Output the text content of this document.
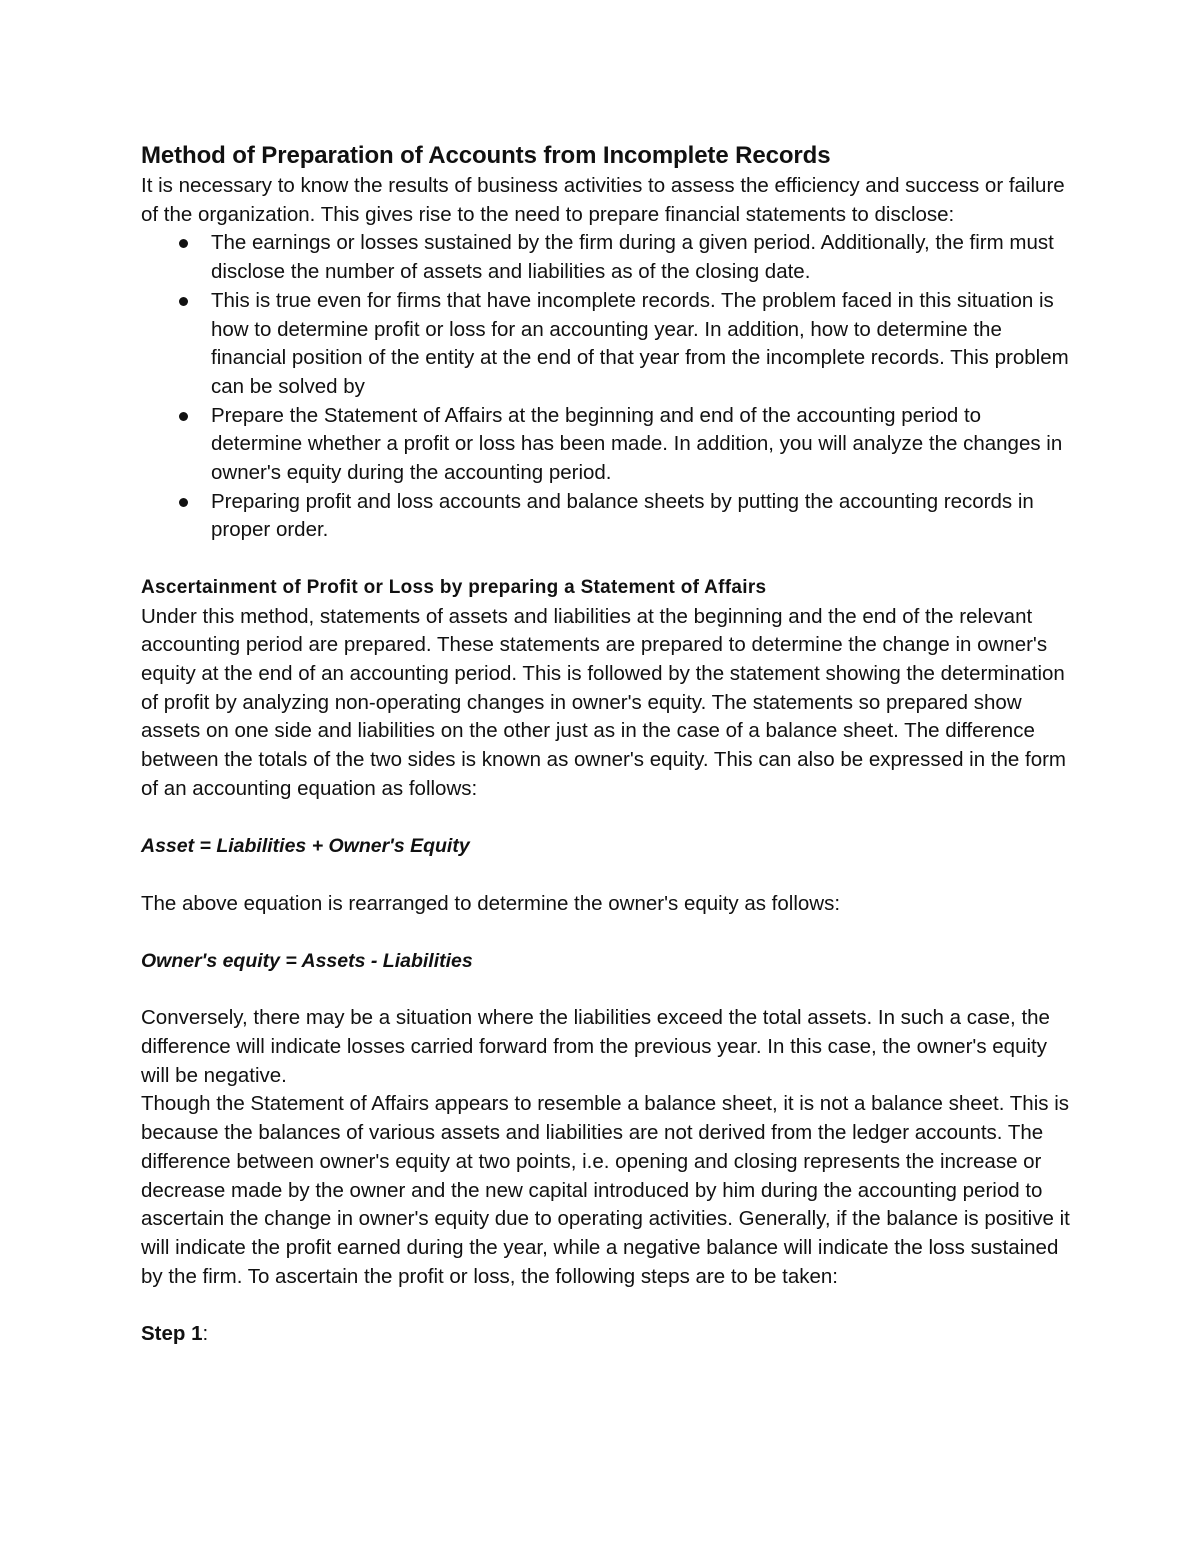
Method of Preparation of Accounts from Incomplete Records

It is necessary to know the results of business activities to assess the efficiency and success or failure of the organization. This gives rise to the need to prepare financial statements to disclose:

The earnings or losses sustained by the firm during a given period. Additionally, the firm must disclose the number of assets and liabilities as of the closing date.
This is true even for firms that have incomplete records. The problem faced in this situation is how to determine profit or loss for an accounting year. In addition, how to determine the financial position of the entity at the end of that year from the incomplete records. This problem can be solved by
Prepare the Statement of Affairs at the beginning and end of the accounting period to determine whether a profit or loss has been made. In addition, you will analyze the changes in owner's equity during the accounting period.
Preparing profit and loss accounts and balance sheets by putting the accounting records in proper order.

Ascertainment of Profit or Loss by preparing a Statement of Affairs

Under this method, statements of assets and liabilities at the beginning and the end of the relevant accounting period are prepared. These statements are prepared to determine the change in owner's equity at the end of an accounting period. This is followed by the statement showing the determination of profit by analyzing non-operating changes in owner's equity. The statements so prepared show assets on one side and liabilities on the other just as in the case of a balance sheet. The difference between the totals of the two sides is known as owner's equity. This can also be expressed in the form of an accounting equation as follows:

Asset = Liabilities + Owner's Equity

The above equation is rearranged to determine the owner's equity as follows:

Owner's equity = Assets - Liabilities

Conversely, there may be a situation where the liabilities exceed the total assets. In such a case, the difference will indicate losses carried forward from the previous year. In this case, the owner's equity will be negative.

Though the Statement of Affairs appears to resemble a balance sheet, it is not a balance sheet. This is because the balances of various assets and liabilities are not derived from the ledger accounts. The difference between owner's equity at two points, i.e. opening and closing represents the increase or decrease made by the owner and the new capital introduced by him during the accounting period to ascertain the change in owner's equity due to operating activities. Generally, if the balance is positive it will indicate the profit earned during the year, while a negative balance will indicate the loss sustained by the firm. To ascertain the profit or loss, the following steps are to be taken:

Step 1:
